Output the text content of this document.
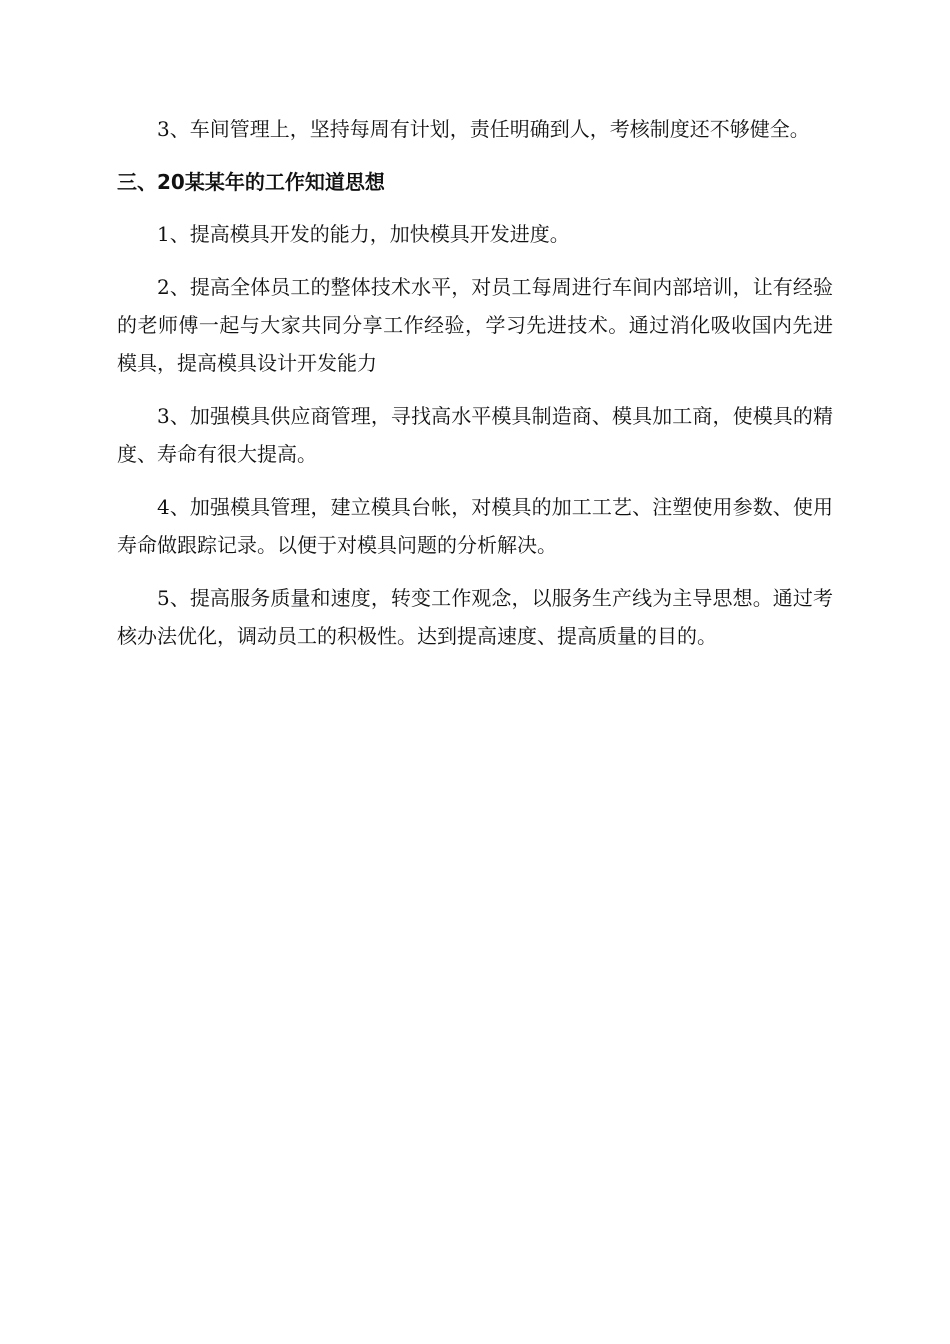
3、车间管理上，坚持每周有计划，责任明确到人，考核制度还不够健全。

三、20某某年的工作知道思想

1、提高模具开发的能力，加快模具开发进度。

2、提高全体员工的整体技术水平，对员工每周进行车间内部培训，让有经验的老师傅一起与大家共同分享工作经验，学习先进技术。通过消化吸收国内先进模具，提高模具设计开发能力

3、加强模具供应商管理，寻找高水平模具制造商、模具加工商，使模具的精度、寿命有很大提高。

4、加强模具管理，建立模具台帐，对模具的加工工艺、注塑使用参数、使用寿命做跟踪记录。以便于对模具问题的分析解决。

5、提高服务质量和速度，转变工作观念，以服务生产线为主导思想。通过考核办法优化，调动员工的积极性。达到提高速度、提高质量的目的。
